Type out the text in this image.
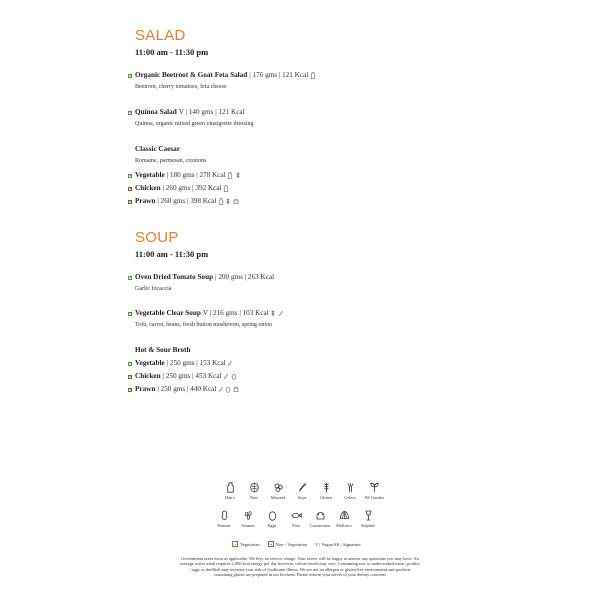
SALAD
11:00 am - 11:30 pm
Organic Beetroot & Goat Feta Salad | 176 gms | 121 Kcal
Beetroot, cherry tomatoes, feta cheese
Quinoa Salad V | 140 gms | 121 Kcal
Quinoa, organic mixed green vinaigrette dressing
Classic Caesar
Romaine, parmesan, croutons
Vegetable | 180 gms | 278 Kcal
Chicken | 260 gms | 392 Kcal
Prawn | 260 gms | 398 Kcal
SOUP
11:00 am - 11:30 pm
Oven Dried Tomato Soup | 200 gms | 263 Kcal
Garlic focaccia
Vegetable Clear Soup V | 216 gms | 103 Kcal
Tofu, carrot, beans, fresh button mushroom, spring onion
Hot & Sour Broth
Vegetable | 250 gms | 153 Kcal
Chicken | 250 gms | 453 Kcal
Prawn | 250 gms | 440 Kcal
Dairy	Nuts	Mustard	Soya	Gluten	Celery JW Garden
Peanuts Sesame	Eggs	Fish Crustaceans Molluscs Sulphite
Vegetarian	Non - Vegetarian V | Vegan SK | Signature
Government taxes extra as applicable. We levy no service charge. Your server will be happy to answer any questions you may have. An average active adult requires 2,000 kcal energy per day however, calorie needs may vary. Consuming raw or undercooked meat / poultry / eggs or shellfish may increase your risk of foodborne illness. We are not an allergen or gluten free environment and products containing gluten are prepared in our kitchens. Please inform your server of your dietary concerns
